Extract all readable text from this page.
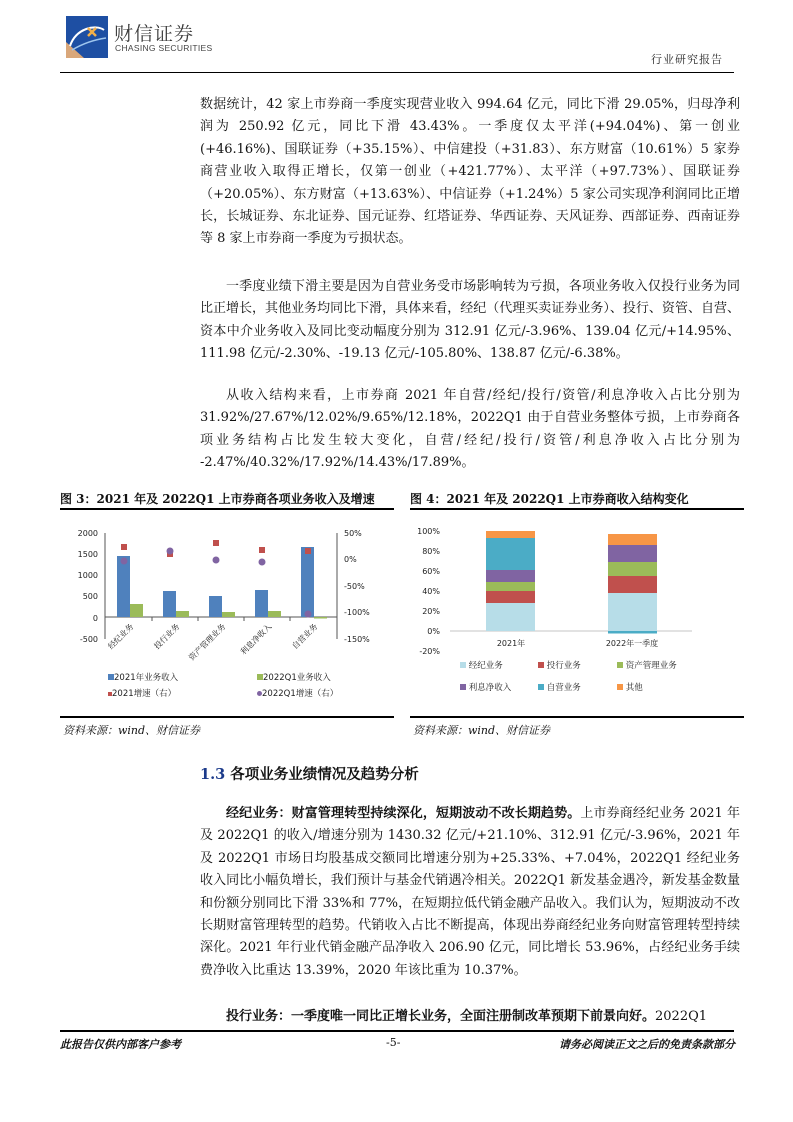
财信证券
CHASING SECURITIES
行业研究报告

数据统计，42 家上市券商一季度实现营业收入 994.64 亿元，同比下滑 29.05%，归母净利润为 250.92 亿元，同比下滑 43.43%。一季度仅太平洋(+94.04%)、第一创业(+46.16%)、国联证券（+35.15%）、中信建投（+31.83）、东方财富（10.61%）5 家券商营业收入取得正增长，仅第一创业（+421.77%）、太平洋（+97.73%）、国联证券（+20.05%）、东方财富（+13.63%）、中信证券（+1.24%）5 家公司实现净利润同比正增长，长城证券、东北证券、国元证券、红塔证券、华西证券、天风证券、西部证券、西南证券等 8 家上市券商一季度为亏损状态。

一季度业绩下滑主要是因为自营业务受市场影响转为亏损，各项业务收入仅投行业务为同比正增长，其他业务均同比下滑，具体来看，经纪（代理买卖证券业务）、投行、资管、自营、资本中介业务收入及同比变动幅度分别为 312.91 亿元/-3.96%、139.04 亿元/+14.95%、111.98 亿元/-2.30%、-19.13 亿元/-105.80%、138.87 亿元/-6.38%。

从收入结构来看，上市券商 2021 年自营/经纪/投行/资管/利息净收入占比分别为 31.92%/27.67%/12.02%/9.65%/12.18%，2022Q1 由于自营业务整体亏损，上市券商各项业务结构占比发生较大变化，自营/经纪/投行/资管/利息净收入占比分别为 -2.47%/40.32%/17.92%/14.43%/17.89%。

图 3：2021 年及 2022Q1 上市券商各项业务收入及增速
2000
1500
1000
500
0
-500
50%
0%
-50%
-100%
-150%
经纪业务 投行业务 资产管理业务 利息净收入 自营业务
2021年业务收入	2022Q1业务收入
2021增速（右）	2022Q1增速（右）
资料来源：wind、财信证券
图 4：2021 年及 2022Q1 上市券商收入结构变化
100%
80%
60%
40%
20%
0%
-20%
2021年	2022年一季度
经纪业务	投行业务	资产管理业务
利息净收入	自营业务	其他
资料来源：wind、财信证券
1.3 各项业务业绩情况及趋势分析

经纪业务：财富管理转型持续深化，短期波动不改长期趋势。上市券商经纪业务 2021 年及 2022Q1 的收入/增速分别为 1430.32 亿元/+21.10%、312.91 亿元/-3.96%，2021 年及 2022Q1 市场日均股基成交额同比增速分别为+25.33%、+7.04%，2022Q1 经纪业务收入同比小幅负增长，我们预计与基金代销遇冷相关。2022Q1 新发基金遇冷，新发基金数量和份额分别同比下滑 33%和 77%，在短期拉低代销金融产品收入。我们认为，短期波动不改长期财富管理转型的趋势。代销收入占比不断提高，体现出券商经纪业务向财富管理转型持续深化。2021 年行业代销金融产品净收入 206.90 亿元，同比增长 53.96%，占经纪业务手续费净收入比重达 13.39%，2020 年该比重为 10.37%。

投行业务：一季度唯一同比正增长业务，全面注册制改革预期下前景向好。2022Q1

此报告仅供内部客户参考	-5-	请务必阅读正文之后的免责条款部分
